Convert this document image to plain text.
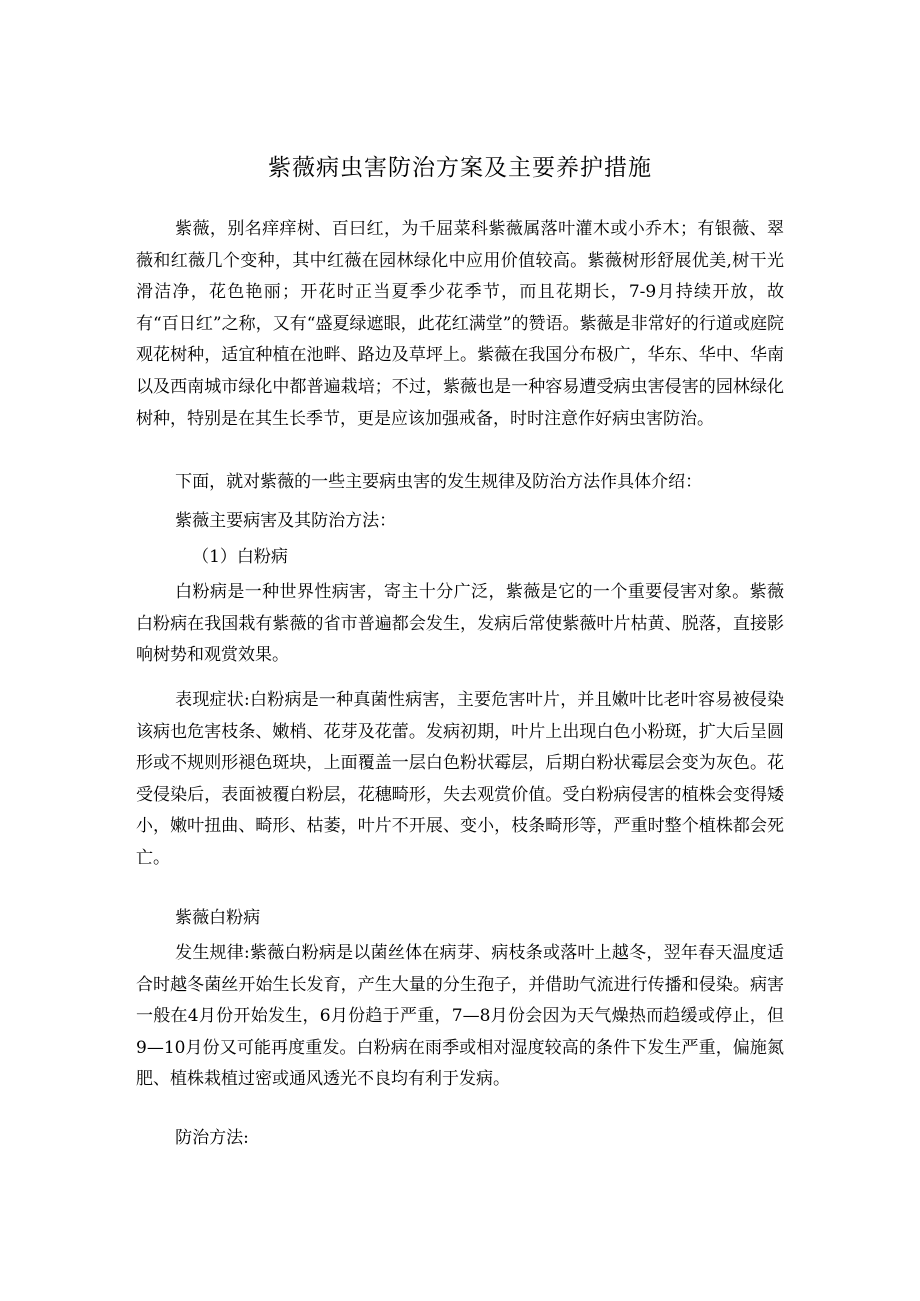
紫薇病虫害防治方案及主要养护措施

紫薇，别名痒痒树、百曰红，为千屈菜科紫薇属落叶灌木或小乔木；有银薇、翠薇和红薇几个变种，其中红薇在园林绿化中应用价值较高。紫薇树形舒展优美,树干光滑洁净，花色艳丽；开花时正当夏季少花季节，而且花期长，7-9月持续开放，故有“百日红”之称，又有“盛夏绿遮眼，此花红满堂”的赞语。紫薇是非常好的行道或庭院观花树种，适宜种植在池畔、路边及草坪上。紫薇在我国分布极广，华东、华中、华南以及西南城市绿化中都普遍栽培；不过，紫薇也是一种容易遭受病虫害侵害的园林绿化树种，特别是在其生长季节，更是应该加强戒备，时时注意作好病虫害防治。

下面，就对紫薇的一些主要病虫害的发生规律及防治方法作具体介绍：

紫薇主要病害及其防治方法：

（1）白粉病

白粉病是一种世界性病害，寄主十分广泛，紫薇是它的一个重要侵害对象。紫薇白粉病在我国栽有紫薇的省市普遍都会发生，发病后常使紫薇叶片枯黄、脱落，直接影响树势和观赏效果。

表现症状:白粉病是一种真菌性病害，主要危害叶片，并且嫩叶比老叶容易被侵染该病也危害枝条、嫩梢、花芽及花蕾。发病初期，叶片上出现白色小粉斑，扩大后呈圆形或不规则形褪色斑块，上面覆盖一层白色粉状霉层，后期白粉状霉层会变为灰色。花受侵染后，表面被覆白粉层，花穗畸形，失去观赏价值。受白粉病侵害的植株会变得矮小，嫩叶扭曲、畸形、枯萎，叶片不开展、变小，枝条畸形等，严重时整个植株都会死亡。

紫薇白粉病

发生规律:紫薇白粉病是以菌丝体在病芽、病枝条或落叶上越冬，翌年春天温度适合时越冬菌丝开始生长发育，产生大量的分生孢子，并借助气流进行传播和侵染。病害一般在4月份开始发生，6月份趋于严重，7—8月份会因为天气燥热而趋缓或停止，但9—10月份又可能再度重发。白粉病在雨季或相对湿度较高的条件下发生严重，偏施氮肥、植株栽植过密或通风透光不良均有利于发病。

防治方法:
